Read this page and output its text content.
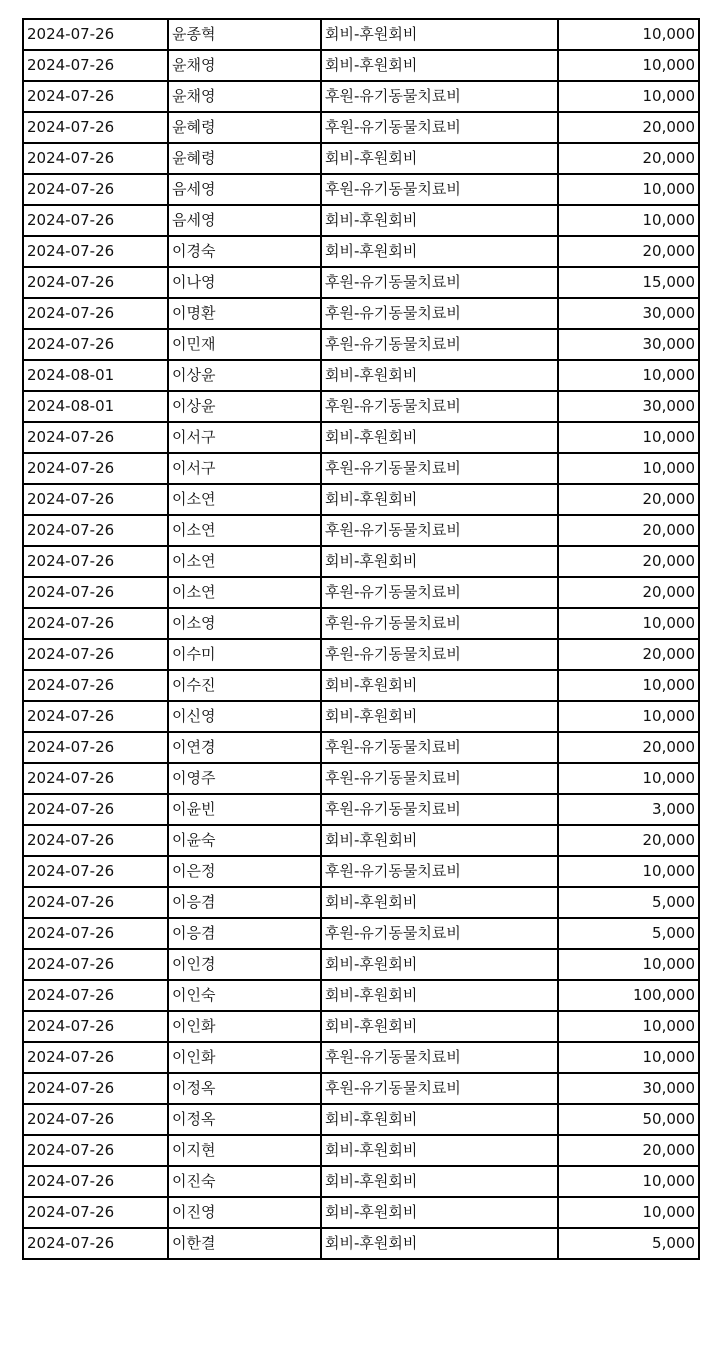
2024-07-26	윤종혁	회비-후원회비	10,000
2024-07-26	윤채영	회비-후원회비	10,000
2024-07-26	윤채영	후원-유기동물치료비	10,000
2024-07-26	윤혜령	후원-유기동물치료비	20,000
2024-07-26	윤혜령	회비-후원회비	20,000
2024-07-26	음세영	후원-유기동물치료비	10,000
2024-07-26	음세영	회비-후원회비	10,000
2024-07-26	이경숙	회비-후원회비	20,000
2024-07-26	이나영	후원-유기동물치료비	15,000
2024-07-26	이명환	후원-유기동물치료비	30,000
2024-07-26	이민재	후원-유기동물치료비	30,000
2024-08-01	이상윤	회비-후원회비	10,000
2024-08-01	이상윤	후원-유기동물치료비	30,000
2024-07-26	이서구	회비-후원회비	10,000
2024-07-26	이서구	후원-유기동물치료비	10,000
2024-07-26	이소연	회비-후원회비	20,000
2024-07-26	이소연	후원-유기동물치료비	20,000
2024-07-26	이소연	회비-후원회비	20,000
2024-07-26	이소연	후원-유기동물치료비	20,000
2024-07-26	이소영	후원-유기동물치료비	10,000
2024-07-26	이수미	후원-유기동물치료비	20,000
2024-07-26	이수진	회비-후원회비	10,000
2024-07-26	이신영	회비-후원회비	10,000
2024-07-26	이연경	후원-유기동물치료비	20,000
2024-07-26	이영주	후원-유기동물치료비	10,000
2024-07-26	이윤빈	후원-유기동물치료비	3,000
2024-07-26	이윤숙	회비-후원회비	20,000
2024-07-26	이은정	후원-유기동물치료비	10,000
2024-07-26	이응겸	회비-후원회비	5,000
2024-07-26	이응겸	후원-유기동물치료비	5,000
2024-07-26	이인경	회비-후원회비	10,000
2024-07-26	이인숙	회비-후원회비	100,000
2024-07-26	이인화	회비-후원회비	10,000
2024-07-26	이인화	후원-유기동물치료비	10,000
2024-07-26	이정옥	후원-유기동물치료비	30,000
2024-07-26	이정옥	회비-후원회비	50,000
2024-07-26	이지현	회비-후원회비	20,000
2024-07-26	이진숙	회비-후원회비	10,000
2024-07-26	이진영	회비-후원회비	10,000
2024-07-26	이한결	회비-후원회비	5,000
